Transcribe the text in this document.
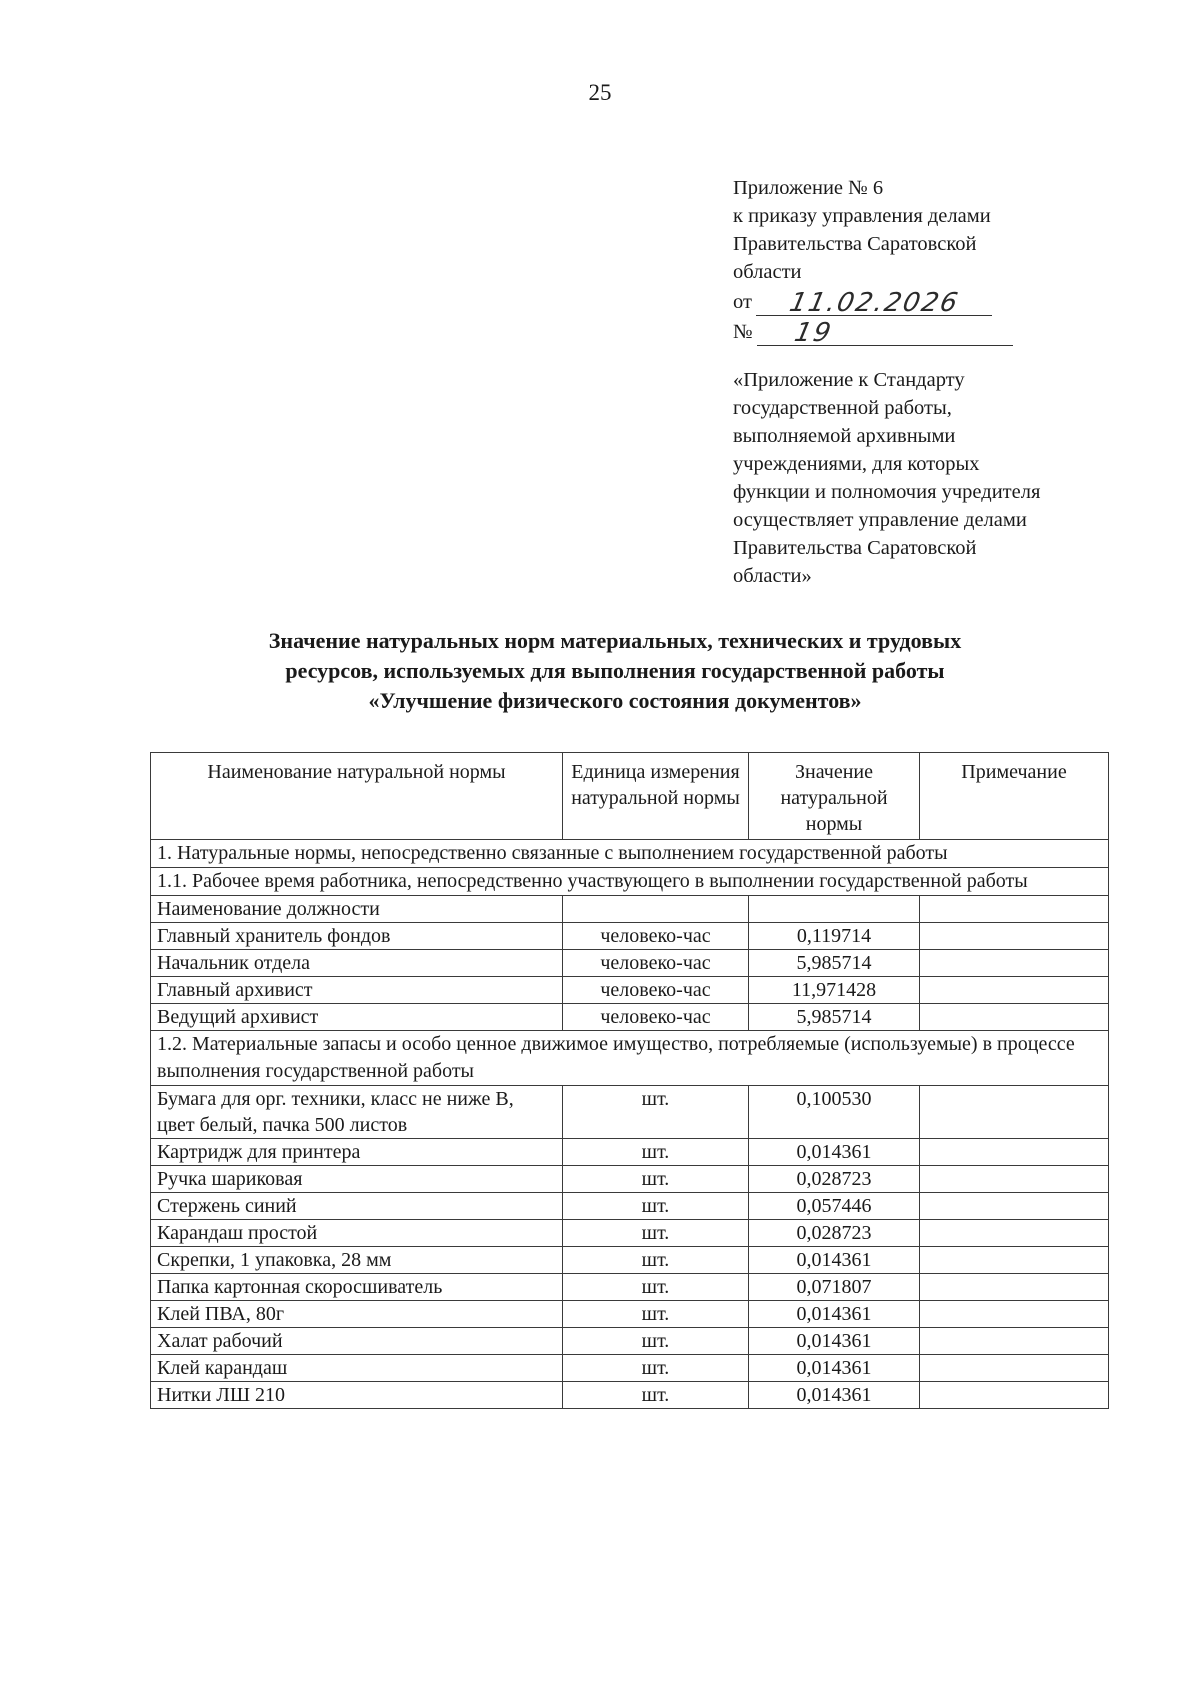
25
Приложение № 6
к приказу управления делами
Правительства Саратовской
области
от 11.02.2026
№ 19
«Приложение к Стандарту
государственной работы,
выполняемой архивными
учреждениями, для которых
функции и полномочия учредителя
осуществляет управление делами
Правительства Саратовской
области»
Значение натуральных норм материальных, технических и трудовых
ресурсов, используемых для выполнения государственной работы
«Улучшение физического состояния документов»
Наименование натуральной нормы	Единица измерения натуральной нормы	Значение натуральной нормы	Примечание
1. Натуральные нормы, непосредственно связанные с выполнением государственной работы			
1.1. Рабочее время работника, непосредственно участвующего в выполнении государственной работы			
Наименование должности			
Главный хранитель фондов	человеко-час	0,119714	
Начальник отдела	человеко-час	5,985714	
Главный архивист	человеко-час	11,971428	
Ведущий архивист	человеко-час	5,985714	
1.2. Материальные запасы и особо ценное движимое имущество, потребляемые (используемые) в процессе выполнения государственной работы			
Бумага для орг. техники, класс не ниже В, цвет белый, пачка 500 листов	шт.	0,100530	
Картридж для принтера	шт.	0,014361	
Ручка шариковая	шт.	0,028723	
Стержень синий	шт.	0,057446	
Карандаш простой	шт.	0,028723	
Скрепки, 1 упаковка, 28 мм	шт.	0,014361	
Папка картонная скоросшиватель	шт.	0,071807	
Клей ПВА, 80г	шт.	0,014361	
Халат рабочий	шт.	0,014361	
Клей карандаш	шт.	0,014361	
Нитки ЛШ 210	шт.	0,014361	
